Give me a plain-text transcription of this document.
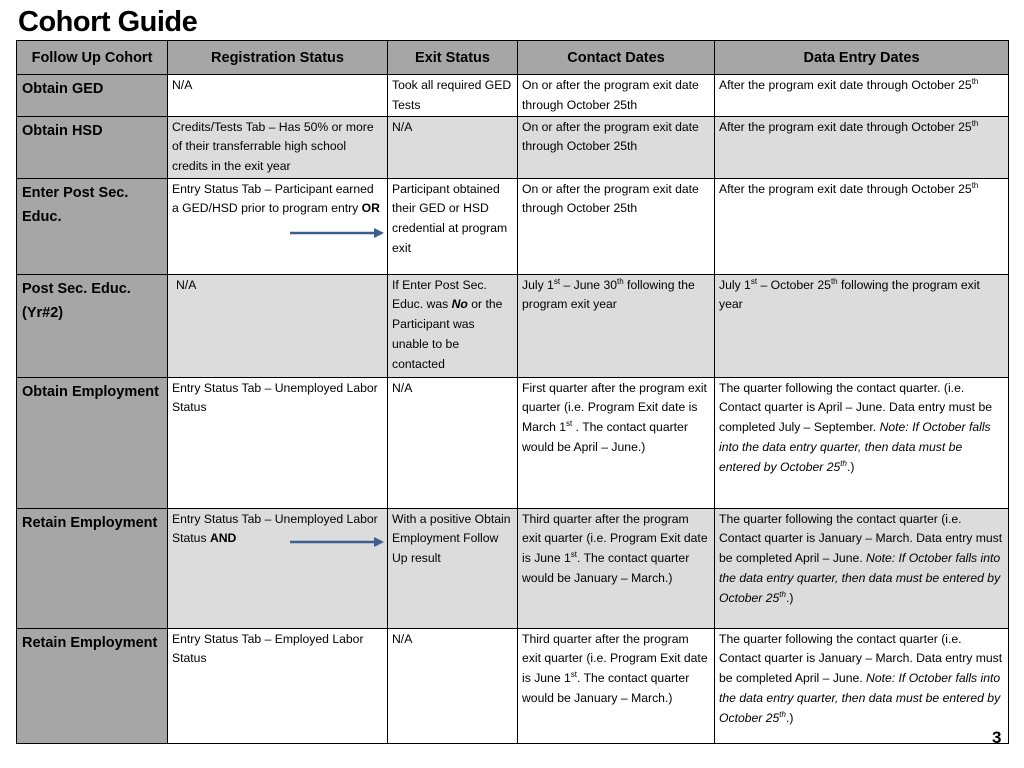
Cohort Guide
Follow Up Cohort	Registration Status	Exit Status	Contact Dates	Data Entry Dates
Obtain GED	N/A	Took all required GED Tests	On or after the program exit date through October 25th	After the program exit date through October 25th
Obtain HSD	Credits/Tests Tab – Has 50% or more of their transferrable high school credits in the exit year	N/A	On or after the program exit date through October 25th	After the program exit date through October 25th
Enter Post Sec. Educ.	Entry Status Tab – Participant earned a GED/HSD prior to program entry OR	Participant obtained their GED or HSD credential at program exit	On or after the program exit date through October 25th	After the program exit date through October 25th
Post Sec. Educ. (Yr#2)	N/A	If Enter Post Sec. Educ. was No or the Participant was unable to be contacted	July 1st – June 30th following the program exit year	July 1st – October 25th following the program exit year
Obtain Employment	Entry Status Tab – Unemployed Labor Status	N/A	First quarter after the program exit quarter (i.e. Program Exit date is March 1st . The contact quarter would be April – June.)	The quarter following the contact quarter. (i.e. Contact quarter is April – June. Data entry must be completed July – September. Note: If October falls into the data entry quarter, then data must be entered by October 25th.)
Retain Employment	Entry Status Tab – Unemployed Labor Status AND	With a positive Obtain Employment Follow Up result	Third quarter after the program exit quarter (i.e. Program Exit date is June 1st. The contact quarter would be January – March.)	The quarter following the contact quarter (i.e. Contact quarter is January – March. Data entry must be completed April – June. Note: If October falls into the data entry quarter, then data must be entered by October 25th.)
Retain Employment	Entry Status Tab – Employed Labor Status	N/A	Third quarter after the program exit quarter (i.e. Program Exit date is June 1st. The contact quarter would be January – March.)	The quarter following the contact quarter (i.e. Contact quarter is January – March. Data entry must be completed April – June. Note: If October falls into the data entry quarter, then data must be entered by October 25th.)
3
